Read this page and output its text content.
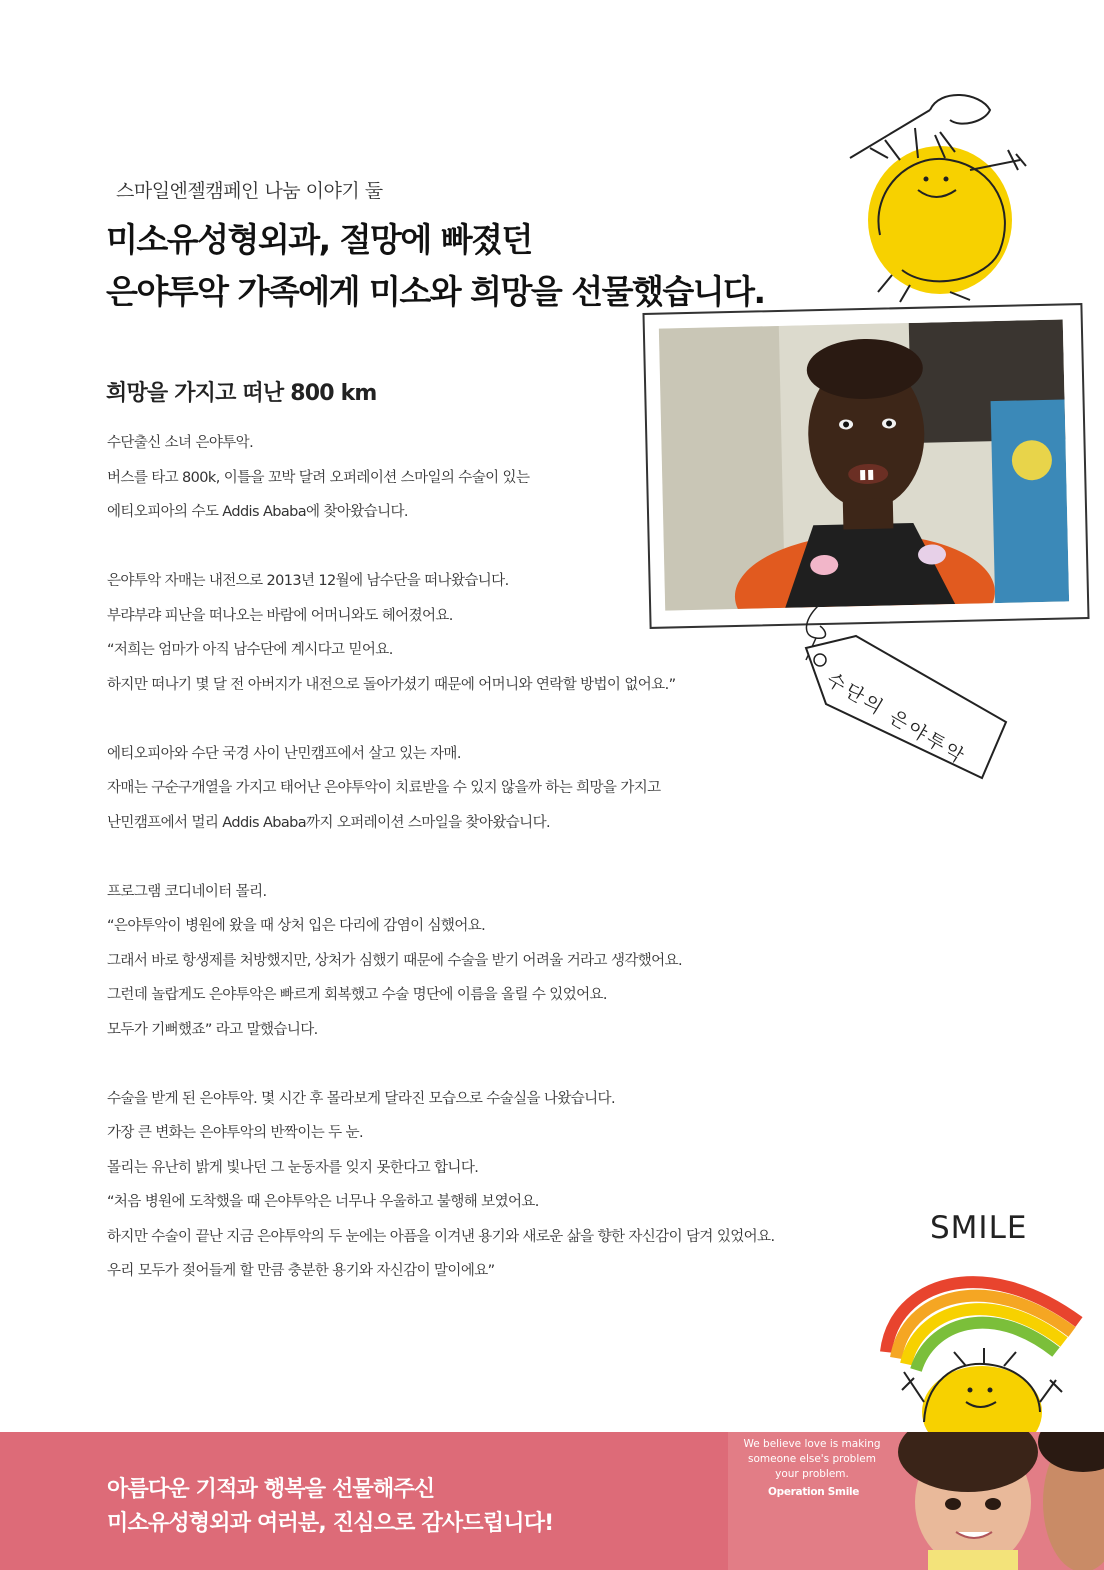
스마일엔젤캠페인 나눔 이야기 둘
미소유성형외과, 절망에 빠졌던
은야투악 가족에게 미소와 희망을 선물했습니다.
희망을 가지고 떠난 800 km
수단출신 소녀 은야투악.
버스를 타고 800k, 이틀을 꼬박 달려 오퍼레이션 스마일의 수술이 있는
에티오피아의 수도 Addis Ababa에 찾아왔습니다.
은야투악 자매는 내전으로 2013년 12월에 남수단을 떠나왔습니다.
부랴부랴 피난을 떠나오는 바람에 어머니와도 헤어졌어요.
“저희는 엄마가 아직 남수단에 계시다고 믿어요.
하지만 떠나기 몇 달 전 아버지가 내전으로 돌아가셨기 때문에 어머니와 연락할 방법이 없어요.”
에티오피아와 수단 국경 사이 난민캠프에서 살고 있는 자매.
자매는 구순구개열을 가지고 태어난 은야투악이 치료받을 수 있지 않을까 하는 희망을 가지고
난민캠프에서 멀리 Addis Ababa까지 오퍼레이션 스마일을 찾아왔습니다.
프로그램 코디네이터 몰리.
“은야투악이 병원에 왔을 때 상처 입은 다리에 감염이 심했어요.
그래서 바로 항생제를 처방했지만, 상처가 심했기 때문에 수술을 받기 어려울 거라고 생각했어요.
그런데 놀랍게도 은야투악은 빠르게 회복했고 수술 명단에 이름을 올릴 수 있었어요.
모두가 기뻐했죠” 라고 말했습니다.
수술을 받게 된 은야투악. 몇 시간 후 몰라보게 달라진 모습으로 수술실을 나왔습니다.
가장 큰 변화는 은야투악의 반짝이는 두 눈.
몰리는 유난히 밝게 빛나던 그 눈동자를 잊지 못한다고 합니다.
“처음 병원에 도착했을 때 은야투악은 너무나 우울하고 불행해 보였어요.
하지만 수술이 끝난 지금 은야투악의 두 눈에는 아픔을 이겨낸 용기와 새로운 삶을 향한 자신감이 담겨 있었어요.
우리 모두가 젖어들게 할 만큼 충분한 용기와 자신감이 말이에요”
수단의 은야투악
SMILE
아름다운 기적과 행복을 선물해주신
미소유성형외과 여러분, 진심으로 감사드립니다!
We believe love is making
someone else's problem
your problem.
Operation Smile
